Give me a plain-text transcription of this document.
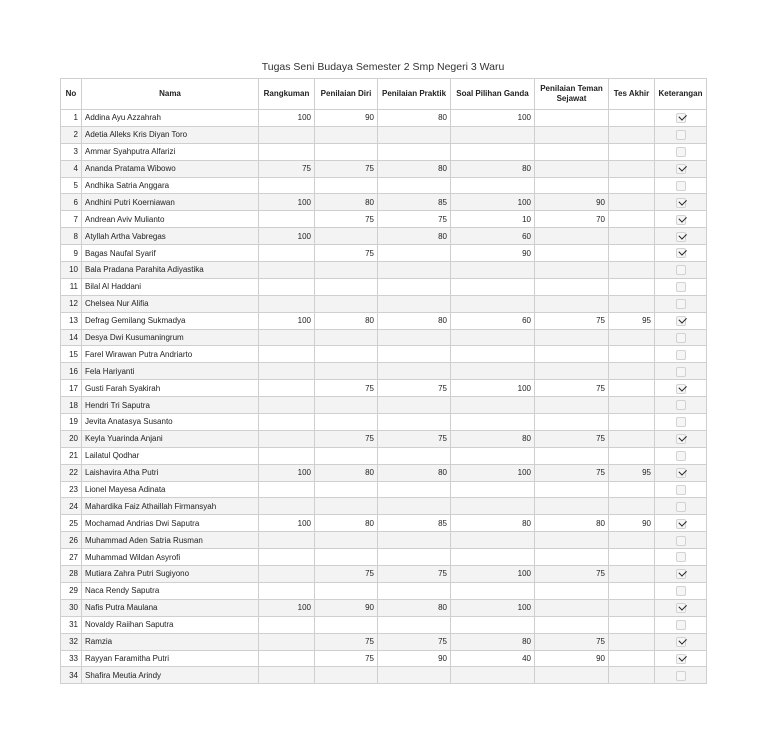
Tugas Seni Budaya Semester 2 Smp Negeri 3 Waru
No	Nama	Rangkuman	Penilaian Diri	Penilaian Praktik	Soal Pilihan Ganda	Penilaian Teman Sejawat	Tes Akhir	Keterangan
1	Addina Ayu Azzahrah	100	90	80	100			
2	Adetia Alleks Kris Diyan Toro							
3	Ammar Syahputra Alfarizi							
4	Ananda Pratama Wibowo	75	75	80	80			
5	Andhika Satria Anggara							
6	Andhini Putri Koerniawan	100	80	85	100	90		
7	Andrean Aviv Mulianto		75	75	10	70		
8	Atyllah Artha Vabregas	100		80	60			
9	Bagas Naufal Syarif		75		90			
10	Bala Pradana Parahita Adiyastika							
11	Bilal Al Haddani							
12	Chelsea Nur Alifia							
13	Defrag Gemilang Sukmadya	100	80	80	60	75	95	
14	Desya Dwi Kusumaningrum							
15	Farel Wirawan Putra Andriarto							
16	Fela Hariyanti							
17	Gusti Farah Syakirah		75	75	100	75		
18	Hendri Tri Saputra							
19	Jevita Anatasya Susanto							
20	Keyla Yuarinda Anjani		75	75	80	75		
21	Lailatul Qodhar							
22	Laishavira Atha Putri	100	80	80	100	75	95	
23	Lionel Mayesa Adinata							
24	Mahardika Faiz Athaillah Firmansyah							
25	Mochamad Andrias Dwi Saputra	100	80	85	80	80	90	
26	Muhammad Aden Satria Rusman							
27	Muhammad Wildan Asyrofi							
28	Mutiara Zahra Putri Sugiyono		75	75	100	75		
29	Naca Rendy Saputra							
30	Nafis Putra Maulana	100	90	80	100			
31	Novaldy Raiihan Saputra							
32	Ramzia		75	75	80	75		
33	Rayyan Faramitha Putri		75	90	40	90		
34	Shafira Meutia Arindy							
